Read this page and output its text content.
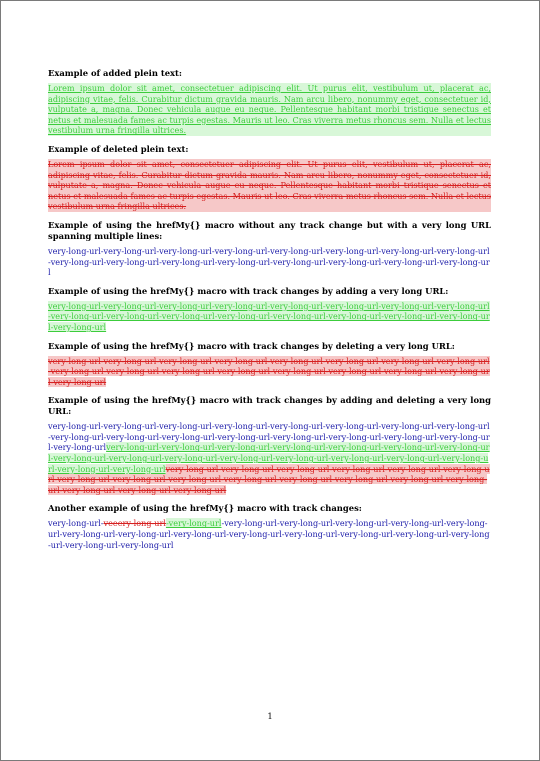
Example of added plein text:
Lorem ipsum dolor sit amet, consectetuer adipiscing elit. Ut purus elit, vestibulum ut, placerat ac, adipiscing vitae, felis. Curabitur dictum gravida mauris. Nam arcu libero, nonummy eget, consectetuer id, vulputate a, magna. Donec vehicula augue eu neque. Pellentesque habitant morbi tristique senectus et netus et malesuada fames ac turpis egestas. Mauris ut leo. Cras viverra metus rhoncus sem. Nulla et lectus vestibulum urna fringilla ultrices.
Example of deleted plein text:
Lorem ipsum dolor sit amet, consectetuer adipiscing elit. Ut purus elit, vestibulum ut, placerat ac, adipiscing vitae, felis. Curabitur dictum gravida mauris. Nam arcu libero, nonummy eget, consectetuer id, vulputate a, magna. Donec vehicula augue eu neque. Pellentesque habitant morbi tristique senectus et netus et malesuada fames ac turpis egestas. Mauris ut leo. Cras viverra metus rhoncus sem. Nulla et lectus vestibulum urna fringilla ultrices.
Example of using the hrefMy{} macro without any track change but with a very long URL spanning multiple lines:
very-long-url-very-long-url-very-long-url-very-long-url-very-long-url-very-long-url-very-long-url-very-long-url-very-long-url-very-long-url-very-long-url-very-long-url-very-long-url-very-long-url-very-long-url-very-long-url
Example of using the hrefMy{} macro with track changes by adding a very long URL:
very-long-url-very-long-url-very-long-url-very-long-url-very-long-url-very-long-url-very-long-url-very-long-url-very-long-url-very-long-url-very-long-url-very-long-url-very-long-url-very-long-url-very-long-url-very-long-url-very-long-url
Example of using the hrefMy{} macro with track changes by deleting a very long URL:
very-long-url-very-long-url-very-long-url-very-long-url-very-long-url-very-long-url-very-long-url-very-long-url-very-long-url-very-long-url-very-long-url-very-long-url-very-long-url-very-long-url-very-long-url-very-long-url-very-long-url
Example of using the hrefMy{} macro with track changes by adding and deleting a very long URL:
very-long-url-very-long-url-very-long-url-very-long-url-very-long-url-very-long-url-very-long-url-very-long-url-very-long-url-very-long-url-very-long-url-very-long-url-very-long-url-very-long-url-very-long-url-very-long-url-very-long-urlvery-long-url-very-long-url-very-long-url-very-long-url-very-long-url-very-long-url-very-long-url-very-long-url-very-long-url-very-long-url-very-long-url-very-long-url-very-long-url-very-long-url-very-long-url-very-long-url-very-long-urlvery-long-url-very-long-url-very-long-url-very-long-url-very-long-url-very-long-url-very-long-url-very-long-url-very-long-url-very-long-url-very-long-url-very-long-url-very-long-url-very-long-url-very-long-url-very-long-url-very-long-url
Another example of using the hrefMy{} macro with track changes:
very-long-url-veeery-long-url-very-long-url-very-long-url-very-long-url-very-long-url-very-long-url-very-long-url-very-long-url-very-long-url-very-long-url-very-long-url-very-long-url-very-long-url-very-long-url-very-long-url-very-long-url-very-long-url
1
